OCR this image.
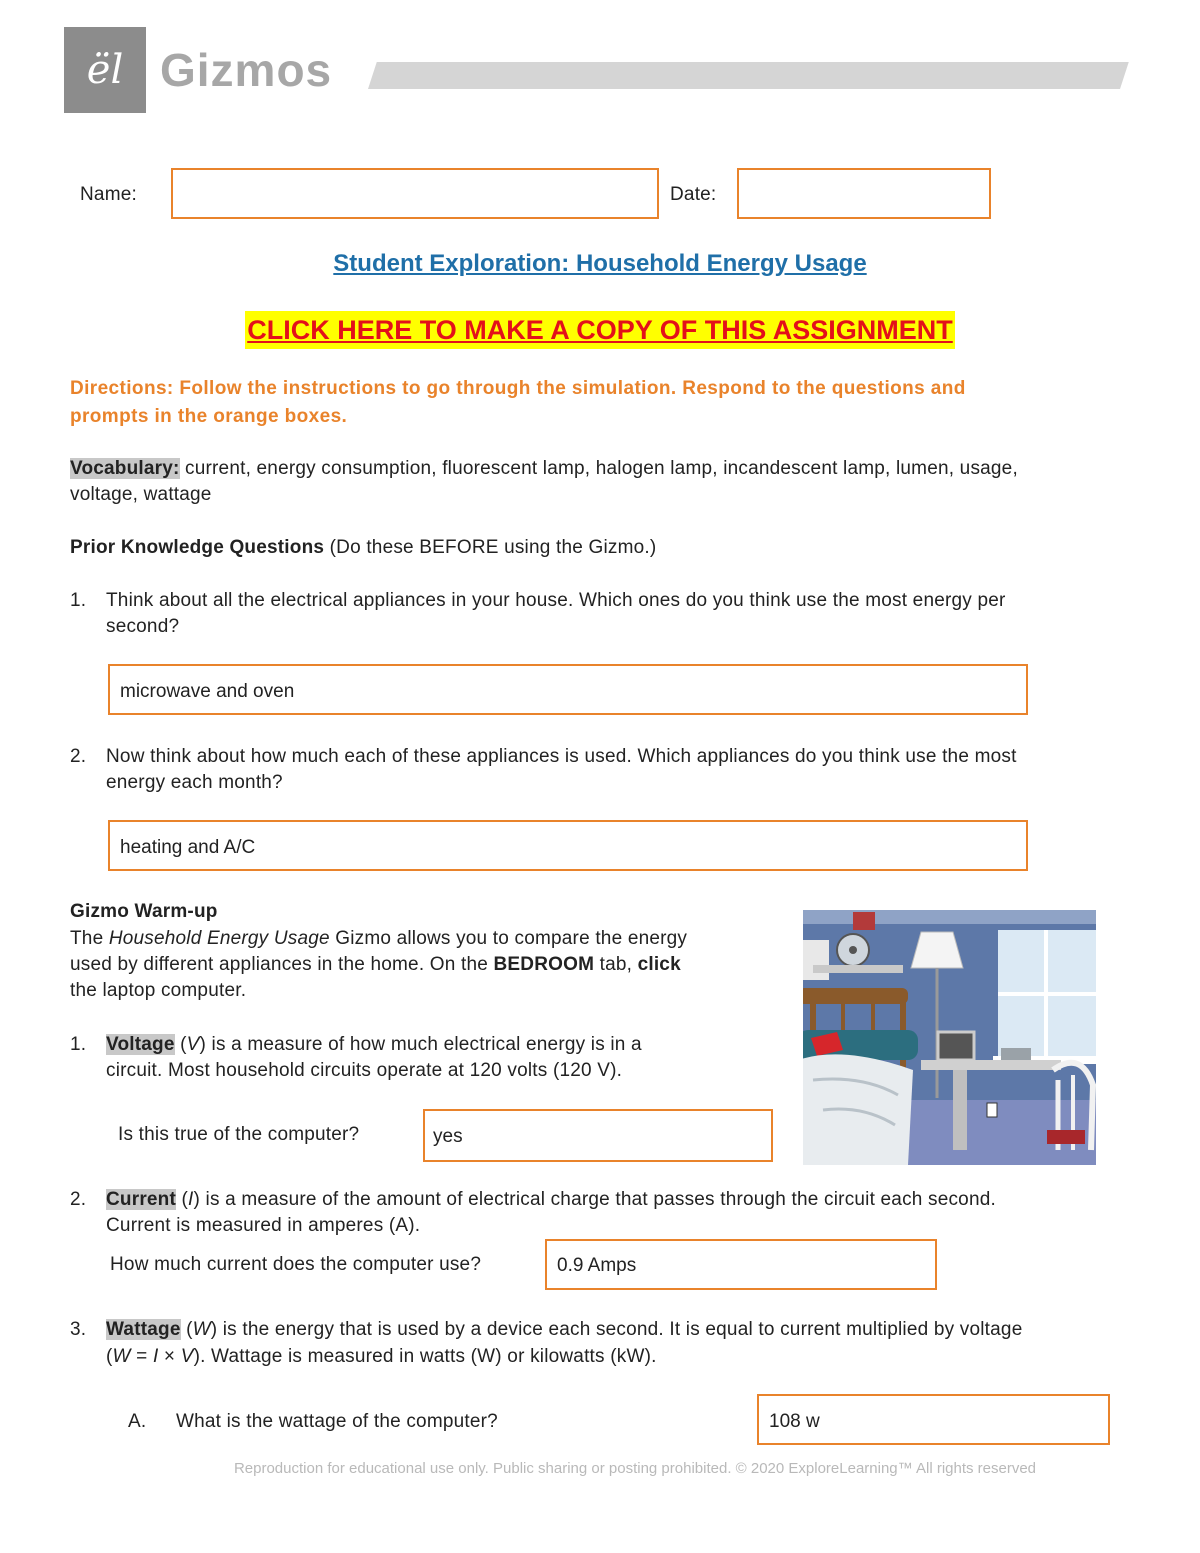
ël Gizmos
Name:	Date:
Student Exploration: Household Energy Usage
CLICK HERE TO MAKE A COPY OF THIS ASSIGNMENT
Directions: Follow the instructions to go through the simulation. Respond to the questions and
prompts in the orange boxes.
Vocabulary: current, energy consumption, fluorescent lamp, halogen lamp, incandescent lamp, lumen, usage,
voltage, wattage
Prior Knowledge Questions (Do these BEFORE using the Gizmo.)
1. Think about all the electrical appliances in your house. Which ones do you think use the most energy per
second?
microwave and oven
2. Now think about how much each of these appliances is used. Which appliances do you think use the most
energy each month?
heating and A/C
Gizmo Warm-up
The Household Energy Usage Gizmo allows you to compare the energy
used by different appliances in the home. On the BEDROOM tab, click
the laptop computer.
1. Voltage (V) is a measure of how much electrical energy is in a
circuit. Most household circuits operate at 120 volts (120 V).
Is this true of the computer?	yes
2. Current (I) is a measure of the amount of electrical charge that passes through the circuit each second.
Current is measured in amperes (A).
How much current does the computer use?	0.9 Amps
3. Wattage (W) is the energy that is used by a device each second. It is equal to current multiplied by voltage
(W = I × V). Wattage is measured in watts (W) or kilowatts (kW).
A. What is the wattage of the computer?	108 w
Reproduction for educational use only. Public sharing or posting prohibited. © 2020 ExploreLearning™ All rights reserved
